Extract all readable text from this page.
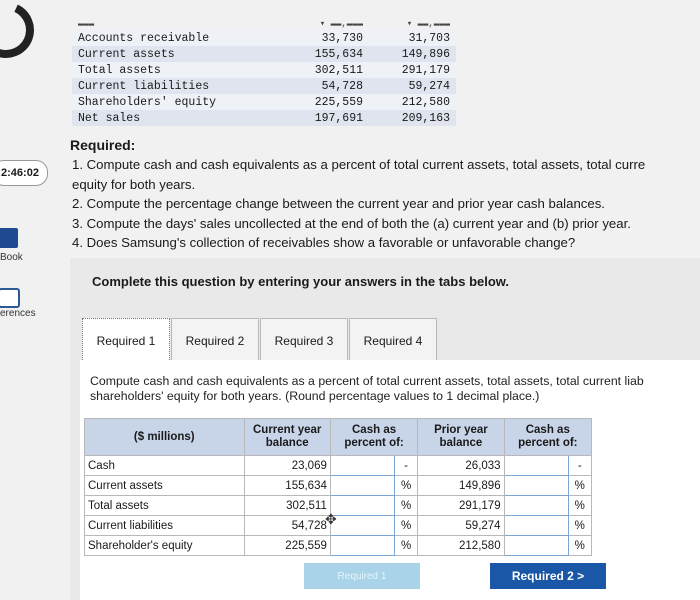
2:46:02
Book
erences
▬▬▬	▾ ▬▬,▬▬▬	▾ ▬▬,▬▬▬
Accounts receivable	33,730	31,703
Current assets	155,634	149,896
Total assets	302,511	291,179
Current liabilities	54,728	59,274
Shareholders' equity	225,559	212,580
Net sales	197,691	209,163
Required:
1. Compute cash and cash equivalents as a percent of total current assets, total assets, total curre
equity for both years.
2. Compute the percentage change between the current year and prior year cash balances.
3. Compute the days' sales uncollected at the end of both the (a) current year and (b) prior year.
4. Does Samsung's collection of receivables show a favorable or unfavorable change?
Complete this question by entering your answers in the tabs below.
Required 1	Required 2	Required 3	Required 4
Compute cash and cash equivalents as a percent of total current assets, total assets, total current liab
shareholders' equity for both years. (Round percentage values to 1 decimal place.)
($ millions)	Current year balance	Cash as percent of:		Prior year balance	Cash as percent of:	
Cash	23,069		-	26,033		-
Current assets	155,634		%	149,896		%
Total assets	302,511		%	291,179		%
Current liabilities	54,728		%	59,274		%
Shareholder's equity	225,559		%	212,580		%
✥
Required 1	Required 2 >
